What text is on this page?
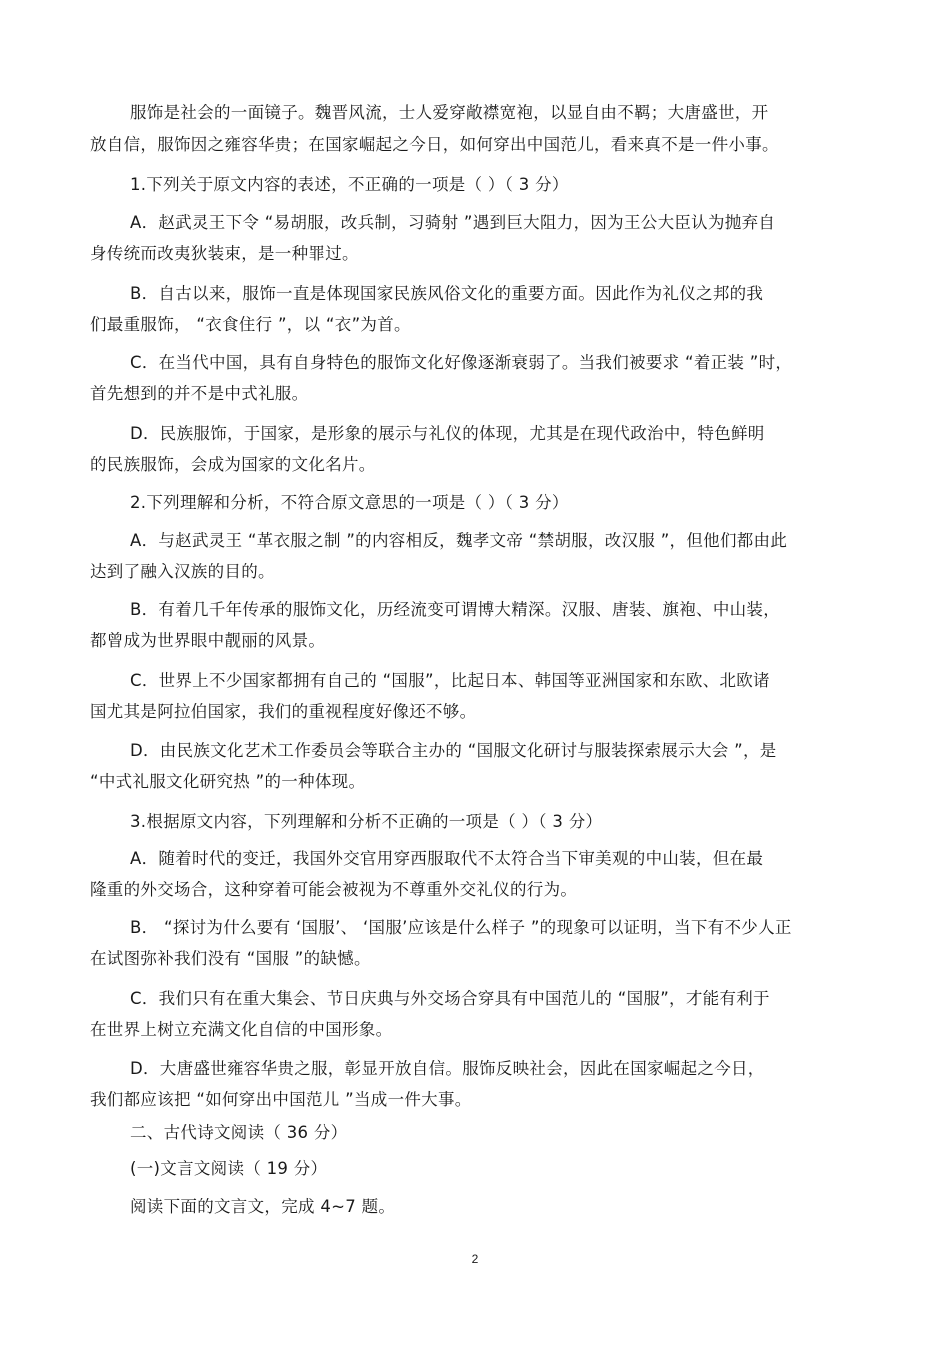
服饰是社会的一面镜子。魏晋风流，士人爱穿敞襟宽袍，以显自由不羁；大唐盛世，开
放自信，服饰因之雍容华贵；在国家崛起之今日，如何穿出中国范儿，看来真不是一件小事。
1.下列关于原文内容的表述，不正确的一项是（ ）（ 3 分）
A．赵武灵王下令 “易胡服，改兵制，习骑射 ”遇到巨大阻力，因为王公大臣认为抛弃自
身传统而改夷狄装束，是一种罪过。
B．自古以来，服饰一直是体现国家民族风俗文化的重要方面。因此作为礼仪之邦的我
们最重服饰， “衣食住行 ”，以 “衣”为首。
C．在当代中国，具有自身特色的服饰文化好像逐渐衰弱了。当我们被要求 “着正装 ”时，
首先想到的并不是中式礼服。
D．民族服饰，于国家，是形象的展示与礼仪的体现，尤其是在现代政治中，特色鲜明
的民族服饰，会成为国家的文化名片。
2.下列理解和分析，不符合原文意思的一项是（ ）（ 3 分）
A．与赵武灵王 “革衣服之制 ”的内容相反，魏孝文帝 “禁胡服，改汉服 ”，但他们都由此
达到了融入汉族的目的。
B．有着几千年传承的服饰文化，历经流变可谓博大精深。汉服、唐装、旗袍、中山装，
都曾成为世界眼中靓丽的风景。
C．世界上不少国家都拥有自己的 “国服”，比起日本、韩国等亚洲国家和东欧、北欧诸
国尤其是阿拉伯国家，我们的重视程度好像还不够。
D．由民族文化艺术工作委员会等联合主办的 “国服文化研讨与服装探索展示大会 ”，是
“中式礼服文化研究热 ”的一种体现。
3.根据原文内容，下列理解和分析不正确的一项是（ ）（ 3 分）
A．随着时代的变迁，我国外交官用穿西服取代不太符合当下审美观的中山装，但在最
隆重的外交场合，这种穿着可能会被视为不尊重外交礼仪的行为。
B． “探讨为什么要有 ‘国服’、 ‘国服’应该是什么样子 ”的现象可以证明，当下有不少人正
在试图弥补我们没有 “国服 ”的缺憾。
C．我们只有在重大集会、节日庆典与外交场合穿具有中国范儿的 “国服”，才能有利于
在世界上树立充满文化自信的中国形象。
D．大唐盛世雍容华贵之服，彰显开放自信。服饰反映社会，因此在国家崛起之今日，
我们都应该把 “如何穿出中国范儿 ”当成一件大事。
二、古代诗文阅读（ 36 分）
(一)文言文阅读（ 19 分）
阅读下面的文言文，完成 4~7 题。
2
